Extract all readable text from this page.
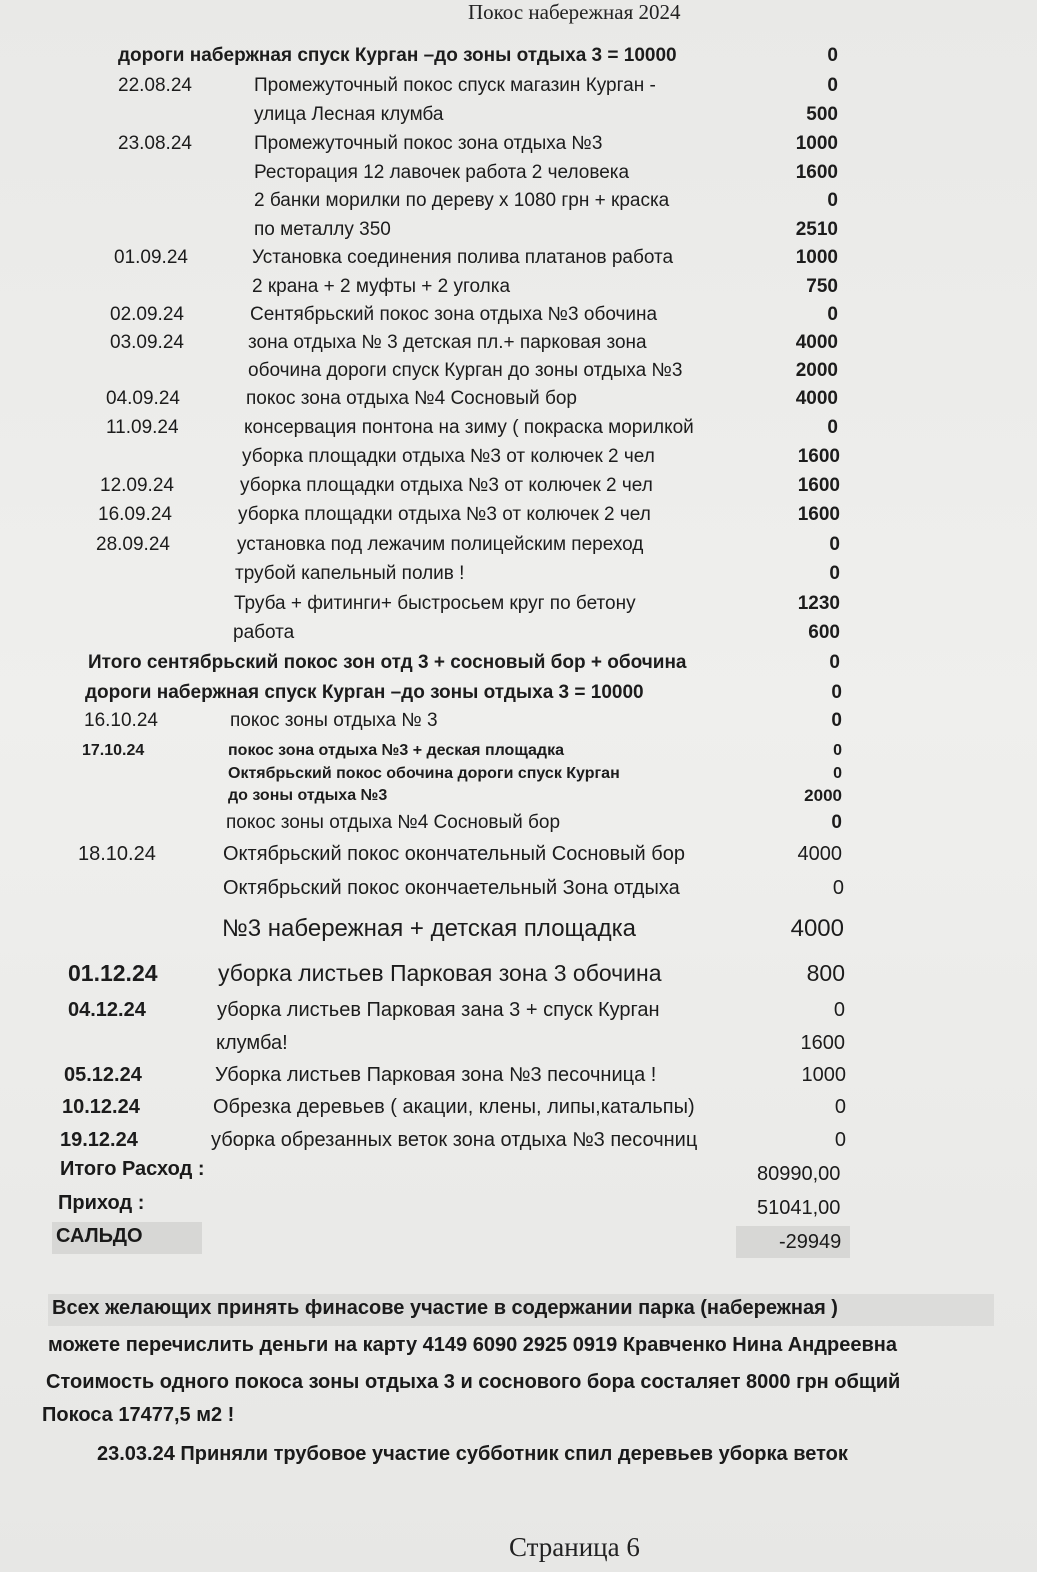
Покос набережная 2024
дороги набержная спуск Курган –до зоны отдыха 3 = 10000	0
22.08.24	Промежуточный покос спуск магазин Курган -	0
улица Лесная клумба	500
23.08.24	Промежуточный покос зона отдыха №3	1000
Ресторация 12 лавочек работа 2 человека	1600
2 банки морилки по дереву х 1080 грн + краска	0
по металлу 350	2510
01.09.24	Установка соединения полива платанов работа	1000
2 крана + 2 муфты + 2 уголка	750
02.09.24	Сентябрьский покос зона отдыха №3 обочина	0
03.09.24	зона отдыха № 3 детская пл.+ парковая зона	4000
обочина дороги спуск Курган до зоны отдыха №3	2000
04.09.24	покос зона отдыха №4 Сосновый бор	4000
11.09.24	консервация понтона на зиму ( покраска морилкой	0
уборка площадки отдыха №3 от колючек 2 чел	1600
12.09.24	уборка площадки отдыха №3 от колючек 2 чел	1600
16.09.24	уборка площадки отдыха №3 от колючек 2 чел	1600
28.09.24	установка под лежачим полицейским переход	0
трубой капельный полив !	0
Труба + фитинги+ быстросьем круг по бетону	1230
работа	600
Итого сентябрьский покос зон отд 3 + сосновый бор + обочина	0
дороги набержная спуск Курган –до зоны отдыха 3 = 10000	0
16.10.24	покос зоны отдыха № 3	0
17.10.24	покос зона отдыха №3 + деская площадка	0
Октябрьский покос обочина дороги спуск Курган	0
до зоны отдыха №3	2000
покос зоны отдыха №4 Сосновый бор	0
18.10.24	Октябрьский покос окончательный Сосновый бор	4000
Октябрьский покос окончаетельный Зона отдыха	0
№3 набережная + детская площадка	4000
01.12.24	уборка листьев Парковая зона 3 обочина	800
04.12.24	уборка листьев Парковая зана 3 + спуск Курган	0
клумба!	1600
05.12.24	Уборка листьев Парковая зона №3 песочница !	1000
10.12.24	Обрезка деревьев ( акации, клены, липы,катальпы)	0
19.12.24	уборка обрезанных веток зона отдыха №3 песочниц	0
Итого Расход :	80990,00
Приход :	51041,00
САЛЬДО	-29949
Всех желающих принять финасове участие в содержании парка (набережная )
можете перечислить деньги на карту 4149 6090 2925 0919 Кравченко Нина Андреевна
Стоимость одного покоса зоны отдыха 3 и соснового бора состаляет 8000 грн общий
Покоса 17477,5 м2 !
23.03.24 Приняли трубовое участие субботник спил деревьев уборка веток
Страница 6
